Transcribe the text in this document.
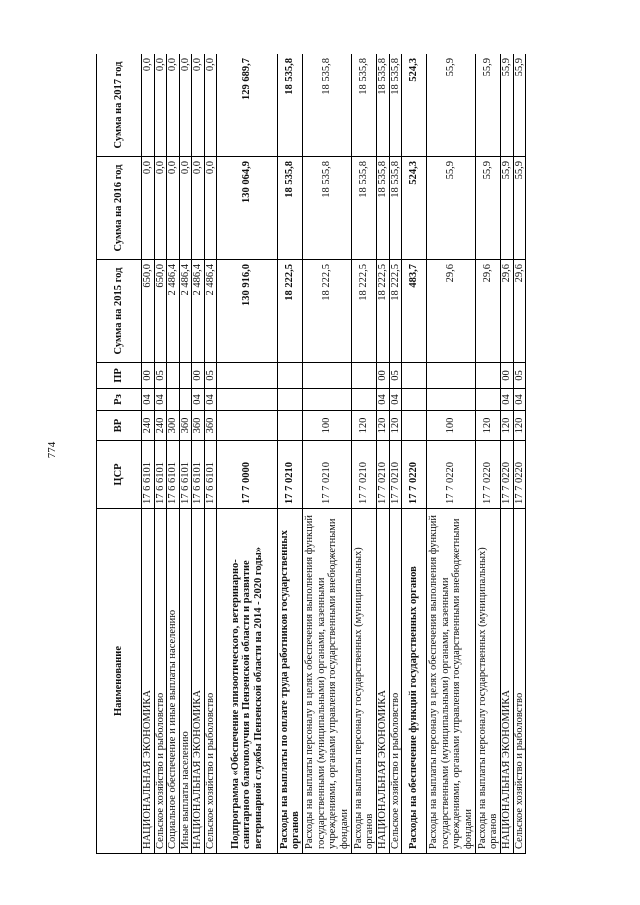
774
Наименование	ЦСР	ВР	Рз	ПР	Сумма на 2015 год	Сумма на 2016 год	Сумма на 2017 год
НАЦИОНАЛЬНАЯ ЭКОНОМИКА	17 6 6101	240	04	00	650,0	0,0	0,0
Сельское хозяйство и рыболовство	17 6 6101	240	04	05	650,0	0,0	0,0
Социальное обеспечение и иные выплаты населению	17 6 6101	300			2 486,4	0,0	0,0
Иные выплаты населению	17 6 6101	360			2 486,4	0,0	0,0
НАЦИОНАЛЬНАЯ ЭКОНОМИКА	17 6 6101	360	04	00	2 486,4	0,0	0,0
Сельское хозяйство и рыболовство	17 6 6101	360	04	05	2 486,4	0,0	0,0
Подпрограмма «Обеспечение эпизоотического, ветеринарно-санитарного благополучия в Пензенской области и развитие ветеринарной службы Пензенской области на 2014 - 2020 годы»	17 7 0000				130 916,0	130 064,9	129 689,7
Расходы на выплаты по оплате труда работников государственных органов	17 7 0210				18 222,5	18 535,8	18 535,8
Расходы на выплаты персоналу в целях обеспечения выполнения функций государственными (муниципальными) органами, казенными учреждениями, органами управления государственными внебюджетными фондами	17 7 0210	100			18 222,5	18 535,8	18 535,8
Расходы на выплаты персоналу государственных (муниципальных) органов	17 7 0210	120			18 222,5	18 535,8	18 535,8
НАЦИОНАЛЬНАЯ ЭКОНОМИКА	17 7 0210	120	04	00	18 222,5	18 535,8	18 535,8
Сельское хозяйство и рыболовство	17 7 0210	120	04	05	18 222,5	18 535,8	18 535,8
Расходы на обеспечение функций государственных органов	17 7 0220				483,7	524,3	524,3
Расходы на выплаты персоналу в целях обеспечения выполнения функций государственными (муниципальными) органами, казенными учреждениями, органами управления государственными внебюджетными фондами	17 7 0220	100			29,6	55,9	55,9
Расходы на выплаты персоналу государственных (муниципальных) органов	17 7 0220	120			29,6	55,9	55,9
НАЦИОНАЛЬНАЯ ЭКОНОМИКА	17 7 0220	120	04	00	29,6	55,9	55,9
Сельское хозяйство и рыболовство	17 7 0220	120	04	05	29,6	55,9	55,9
